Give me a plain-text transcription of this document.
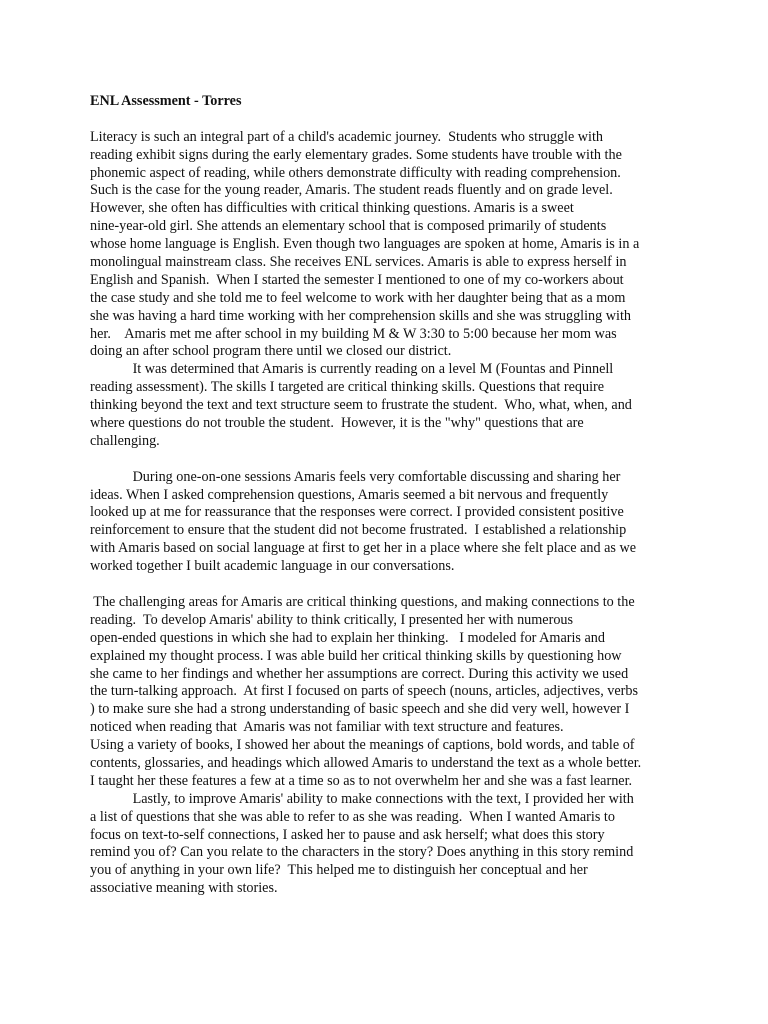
ENL Assessment - Torres
Literacy is such an integral part of a child's academic journey.  Students who struggle with
reading exhibit signs during the early elementary grades. Some students have trouble with the
phonemic aspect of reading, while others demonstrate difficulty with reading comprehension.
Such is the case for the young reader, Amaris. The student reads fluently and on grade level.
However, she often has difficulties with critical thinking questions. Amaris is a sweet
nine-year-old girl. She attends an elementary school that is composed primarily of students
whose home language is English. Even though two languages are spoken at home, Amaris is in a
monolingual mainstream class. She receives ENL services. Amaris is able to express herself in
English and Spanish.  When I started the semester I mentioned to one of my co-workers about
the case study and she told me to feel welcome to work with her daughter being that as a mom
she was having a hard time working with her comprehension skills and she was struggling with
her.    Amaris met me after school in my building M & W 3:30 to 5:00 because her mom was
doing an after school program there until we closed our district.
It was determined that Amaris is currently reading on a level M (Fountas and Pinnell
reading assessment). The skills I targeted are critical thinking skills. Questions that require
thinking beyond the text and text structure seem to frustrate the student.  Who, what, when, and
where questions do not trouble the student.  However, it is the "why" questions that are
challenging.
During one-on-one sessions Amaris feels very comfortable discussing and sharing her
ideas. When I asked comprehension questions, Amaris seemed a bit nervous and frequently
looked up at me for reassurance that the responses were correct. I provided consistent positive
reinforcement to ensure that the student did not become frustrated.  I established a relationship
with Amaris based on social language at first to get her in a place where she felt place and as we
worked together I built academic language in our conversations.
The challenging areas for Amaris are critical thinking questions, and making connections to the
reading.  To develop Amaris' ability to think critically, I presented her with numerous
open-ended questions in which she had to explain her thinking.   I modeled for Amaris and
explained my thought process. I was able build her critical thinking skills by questioning how
she came to her findings and whether her assumptions are correct. During this activity we used
the turn-talking approach.  At first I focused on parts of speech (nouns, articles, adjectives, verbs
) to make sure she had a strong understanding of basic speech and she did very well, however I
noticed when reading that  Amaris was not familiar with text structure and features.
Using a variety of books, I showed her about the meanings of captions, bold words, and table of
contents, glossaries, and headings which allowed Amaris to understand the text as a whole better.
I taught her these features a few at a time so as to not overwhelm her and she was a fast learner.
Lastly, to improve Amaris' ability to make connections with the text, I provided her with
a list of questions that she was able to refer to as she was reading.  When I wanted Amaris to
focus on text-to-self connections, I asked her to pause and ask herself; what does this story
remind you of? Can you relate to the characters in the story? Does anything in this story remind
you of anything in your own life?  This helped me to distinguish her conceptual and her
associative meaning with stories.
